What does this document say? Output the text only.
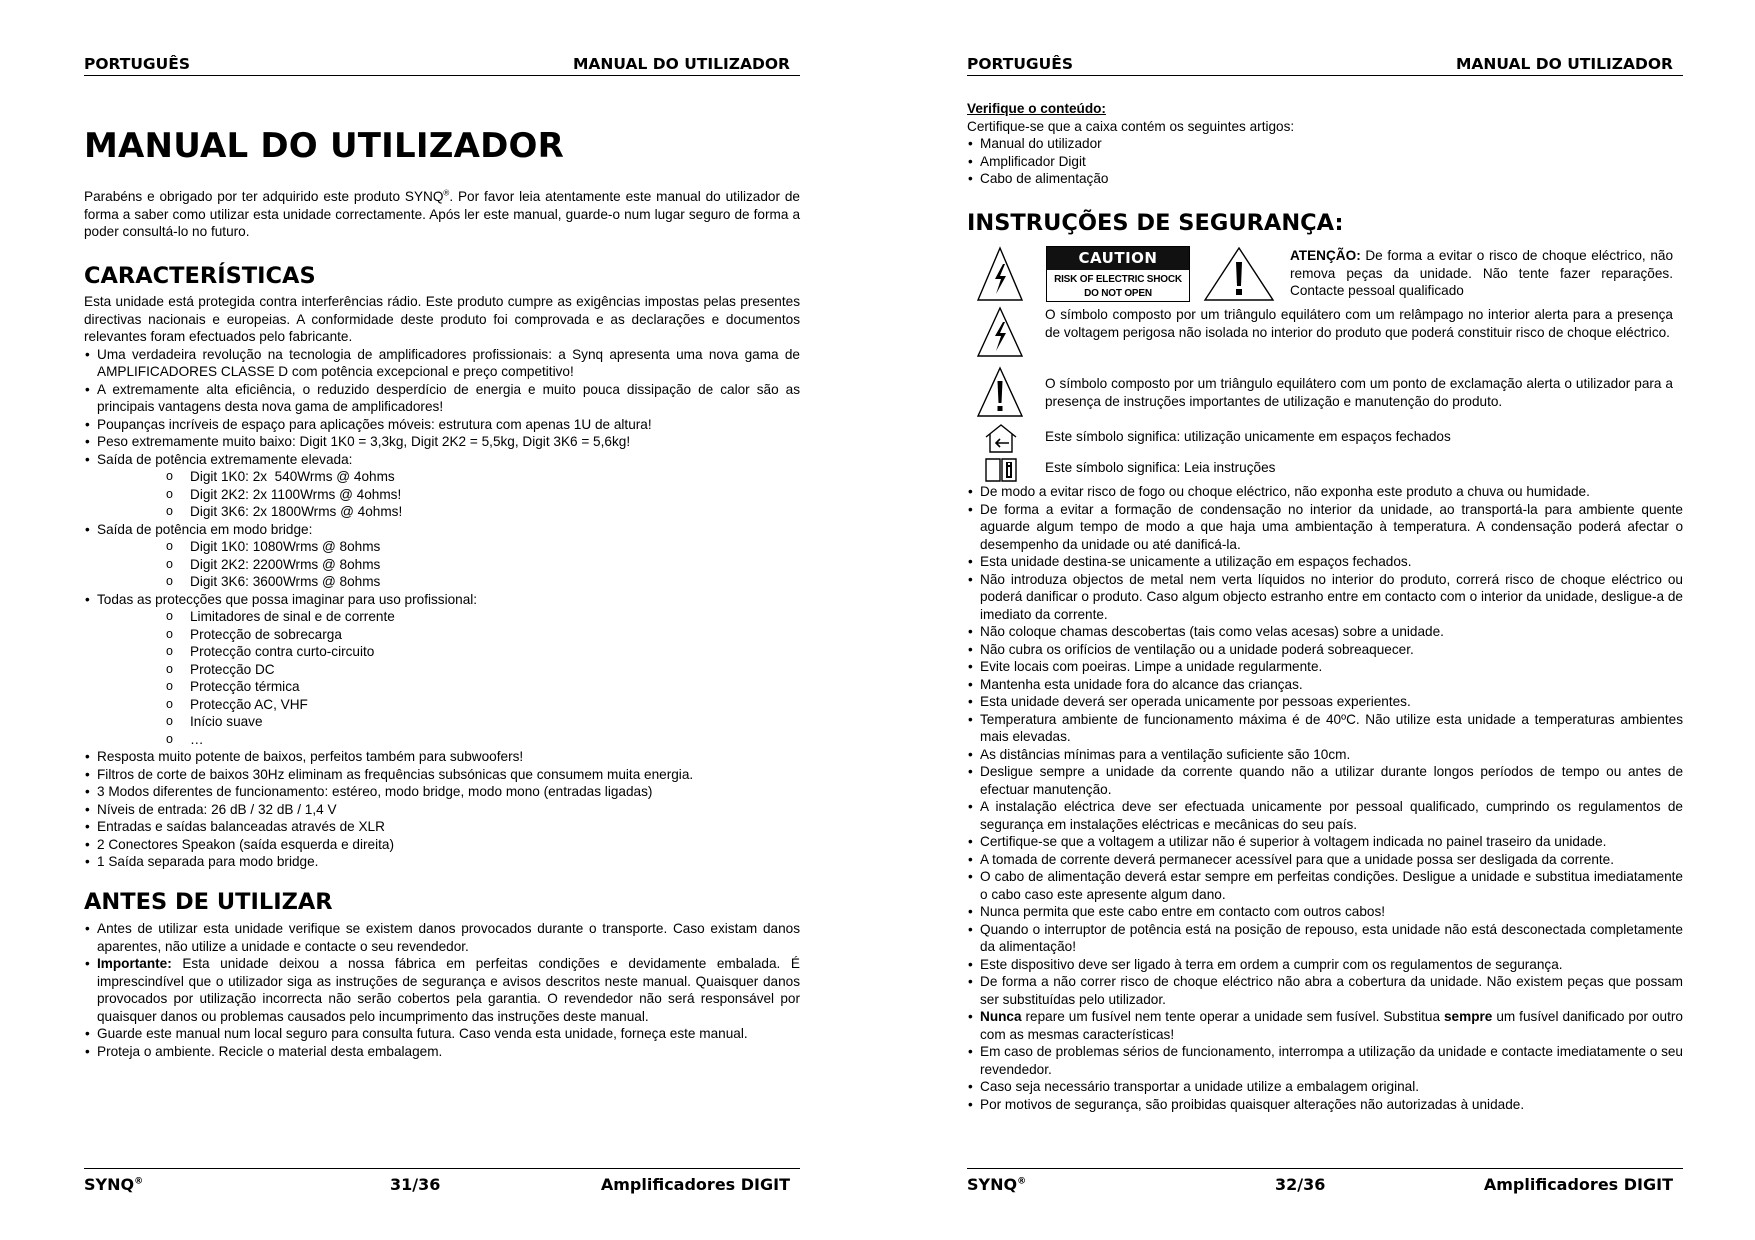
PORTUGUÊS	MANUAL DO UTILIZADOR
MANUAL DO UTILIZADOR
Parabéns e obrigado por ter adquirido este produto SYNQ®. Por favor leia atentamente este manual do utilizador de forma a saber como utilizar esta unidade correctamente. Após ler este manual, guarde-o num lugar seguro de forma a poder consultá-lo no futuro.
CARACTERÍSTICAS
Esta unidade está protegida contra interferências rádio. Este produto cumpre as exigências impostas pelas presentes directivas nacionais e europeias. A conformidade deste produto foi comprovada e as declarações e documentos relevantes foram efectuados pelo fabricante.
• Uma verdadeira revolução na tecnologia de amplificadores profissionais: a Synq apresenta uma nova gama de AMPLIFICADORES CLASSE D com potência excepcional e preço competitivo!
• A extremamente alta eficiência, o reduzido desperdício de energia e muito pouca dissipação de calor são as principais vantagens desta nova gama de amplificadores!
• Poupanças incríveis de espaço para aplicações móveis: estrutura com apenas 1U de altura!
• Peso extremamente muito baixo: Digit 1K0 = 3,3kg, Digit 2K2 = 5,5kg, Digit 3K6 = 5,6kg!
• Saída de potência extremamente elevada:
o Digit 1K0: 2x  540Wrms @ 4ohms
o Digit 2K2: 2x 1100Wrms @ 4ohms!
o Digit 3K6: 2x 1800Wrms @ 4ohms!
• Saída de potência em modo bridge:
o Digit 1K0: 1080Wrms @ 8ohms
o Digit 2K2: 2200Wrms @ 8ohms
o Digit 3K6: 3600Wrms @ 8ohms
• Todas as protecções que possa imaginar para uso profissional:
o Limitadores de sinal e de corrente
o Protecção de sobrecarga
o Protecção contra curto-circuito
o Protecção DC
o Protecção térmica
o Protecção AC, VHF
o Início suave
o …
• Resposta muito potente de baixos, perfeitos também para subwoofers!
• Filtros de corte de baixos 30Hz eliminam as frequências subsónicas que consumem muita energia.
• 3 Modos diferentes de funcionamento: estéreo, modo bridge, modo mono (entradas ligadas)
• Níveis de entrada: 26 dB / 32 dB / 1,4 V
• Entradas e saídas balanceadas através de XLR
• 2 Conectores Speakon (saída esquerda e direita)
• 1 Saída separada para modo bridge.
ANTES DE UTILIZAR
• Antes de utilizar esta unidade verifique se existem danos provocados durante o transporte. Caso existam danos aparentes, não utilize a unidade e contacte o seu revendedor.
• Importante: Esta unidade deixou a nossa fábrica em perfeitas condições e devidamente embalada. É imprescindível que o utilizador siga as instruções de segurança e avisos descritos neste manual. Quaisquer danos provocados por utilização incorrecta não serão cobertos pela garantia. O revendedor não será responsável por quaisquer danos ou problemas causados pelo incumprimento das instruções deste manual.
• Guarde este manual num local seguro para consulta futura. Caso venda esta unidade, forneça este manual.
• Proteja o ambiente. Recicle o material desta embalagem.
SYNQ®	31/36	Amplificadores DIGIT
PORTUGUÊS	MANUAL DO UTILIZADOR
Verifique o conteúdo:
Certifique-se que a caixa contém os seguintes artigos:
• Manual do utilizador
• Amplificador Digit
• Cabo de alimentação
INSTRUÇÕES DE SEGURANÇA:
CAUTION
RISK OF ELECTRIC SHOCK
DO NOT OPEN
ATENÇÃO: De forma a evitar o risco de choque eléctrico, não remova peças da unidade. Não tente fazer reparações. Contacte pessoal qualificado
O símbolo composto por um triângulo equilátero com um relâmpago no interior alerta para a presença de voltagem perigosa não isolada no interior do produto que poderá constituir risco de choque eléctrico.
O símbolo composto por um triângulo equilátero com um ponto de exclamação alerta o utilizador para a presença de instruções importantes de utilização e manutenção do produto.
Este símbolo significa: utilização unicamente em espaços fechados
Este símbolo significa: Leia instruções
• De modo a evitar risco de fogo ou choque eléctrico, não exponha este produto a chuva ou humidade.
• De forma a evitar a formação de condensação no interior da unidade, ao transportá-la para ambiente quente aguarde algum tempo de modo a que haja uma ambientação à temperatura. A condensação poderá afectar o desempenho da unidade ou até danificá-la.
• Esta unidade destina-se unicamente a utilização em espaços fechados.
• Não introduza objectos de metal nem verta líquidos no interior do produto, correrá risco de choque eléctrico ou poderá danificar o produto. Caso algum objecto estranho entre em contacto com o interior da unidade, desligue-a de imediato da corrente.
• Não coloque chamas descobertas (tais como velas acesas) sobre a unidade.
• Não cubra os orifícios de ventilação ou a unidade poderá sobreaquecer.
• Evite locais com poeiras. Limpe a unidade regularmente.
• Mantenha esta unidade fora do alcance das crianças.
• Esta unidade deverá ser operada unicamente por pessoas experientes.
• Temperatura ambiente de funcionamento máxima é de 40ºC. Não utilize esta unidade a temperaturas ambientes mais elevadas.
• As distâncias mínimas para a ventilação suficiente são 10cm.
• Desligue sempre a unidade da corrente quando não a utilizar durante longos períodos de tempo ou antes de efectuar manutenção.
• A instalação eléctrica deve ser efectuada unicamente por pessoal qualificado, cumprindo os regulamentos de segurança em instalações eléctricas e mecânicas do seu país.
• Certifique-se que a voltagem a utilizar não é superior à voltagem indicada no painel traseiro da unidade.
• A tomada de corrente deverá permanecer acessível para que a unidade possa ser desligada da corrente.
• O cabo de alimentação deverá estar sempre em perfeitas condições. Desligue a unidade e substitua imediatamente o cabo caso este apresente algum dano.
• Nunca permita que este cabo entre em contacto com outros cabos!
• Quando o interruptor de potência está na posição de repouso, esta unidade não está desconectada completamente da alimentação!
• Este dispositivo deve ser ligado à terra em ordem a cumprir com os regulamentos de segurança.
• De forma a não correr risco de choque eléctrico não abra a cobertura da unidade. Não existem peças que possam ser substituídas pelo utilizador.
• Nunca repare um fusível nem tente operar a unidade sem fusível. Substitua sempre um fusível danificado por outro com as mesmas características!
• Em caso de problemas sérios de funcionamento, interrompa a utilização da unidade e contacte imediatamente o seu revendedor.
• Caso seja necessário transportar a unidade utilize a embalagem original.
• Por motivos de segurança, são proibidas quaisquer alterações não autorizadas à unidade.
SYNQ®	32/36	Amplificadores DIGIT
